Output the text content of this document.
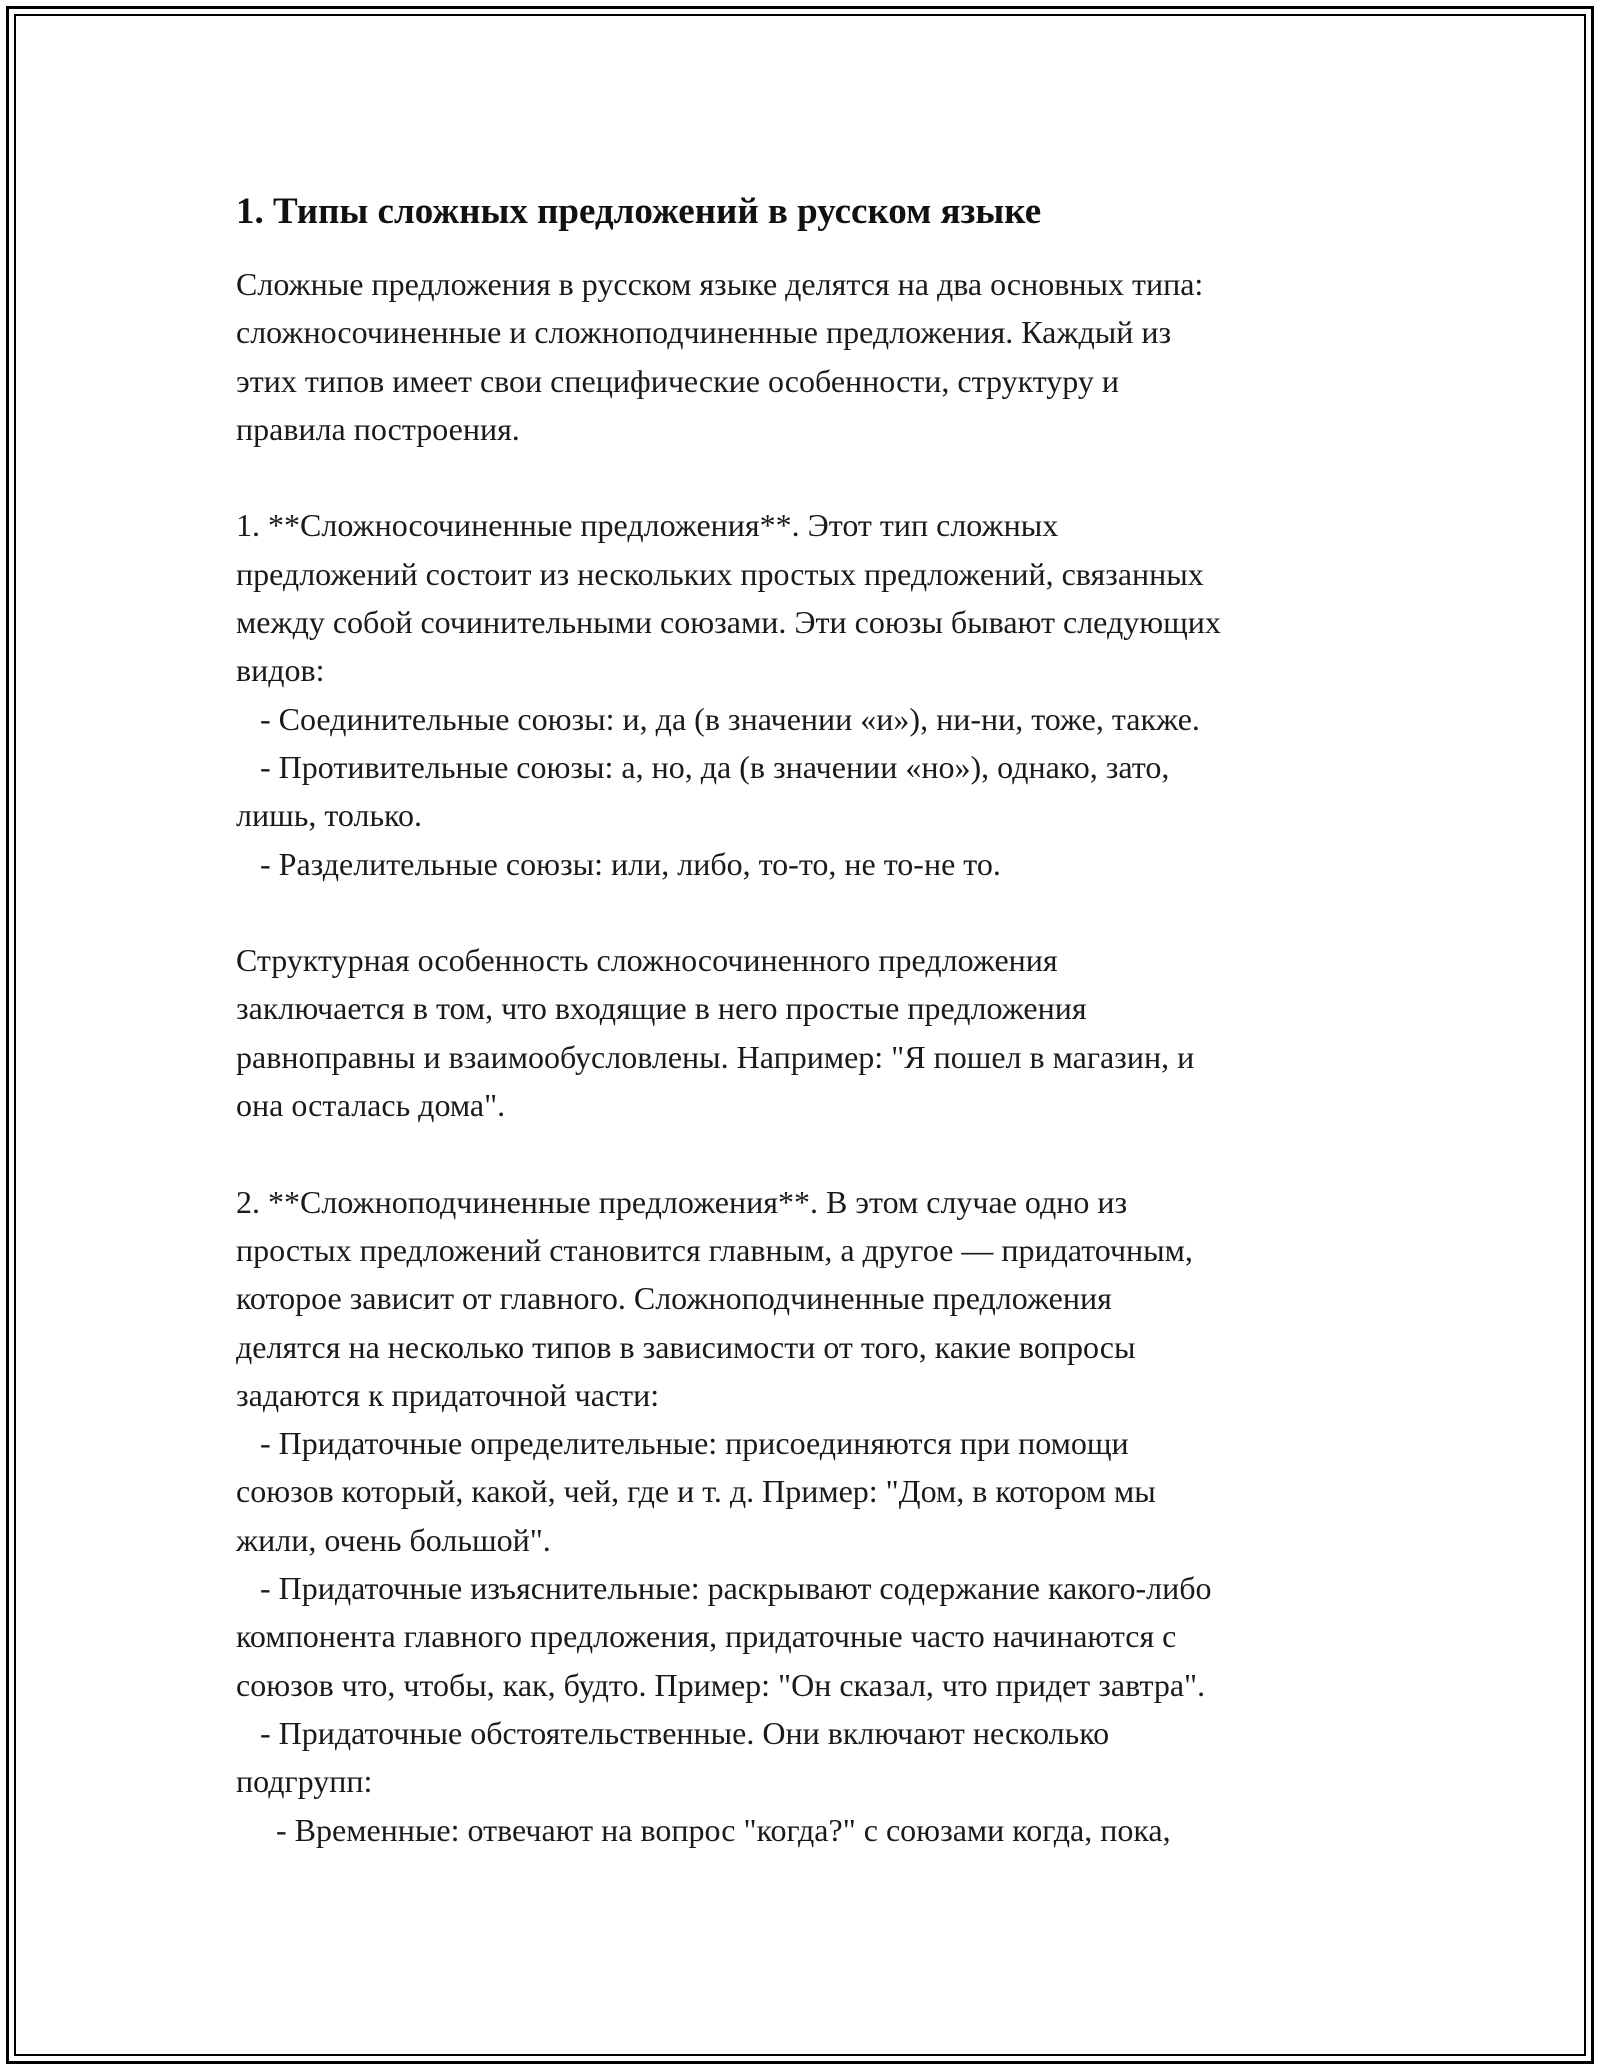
1. Типы сложных предложений в русском языке
Сложные предложения в русском языке делятся на два основных типа:
сложносочиненные и сложноподчиненные предложения. Каждый из
этих типов имеет свои специфические особенности, структуру и
правила построения.
1. **Сложносочиненные предложения**. Этот тип сложных
предложений состоит из нескольких простых предложений, связанных
между собой сочинительными союзами. Эти союзы бывают следующих
видов:
- Соединительные союзы: и, да (в значении «и»), ни-ни, тоже, также.
- Противительные союзы: а, но, да (в значении «но»), однако, зато,
лишь, только.
- Разделительные союзы: или, либо, то-то, не то-не то.
Структурная особенность сложносочиненного предложения
заключается в том, что входящие в него простые предложения
равноправны и взаимообусловлены. Например: "Я пошел в магазин, и
она осталась дома".
2. **Сложноподчиненные предложения**. В этом случае одно из
простых предложений становится главным, а другое — придаточным,
которое зависит от главного. Сложноподчиненные предложения
делятся на несколько типов в зависимости от того, какие вопросы
задаются к придаточной части:
- Придаточные определительные: присоединяются при помощи
союзов который, какой, чей, где и т. д. Пример: "Дом, в котором мы
жили, очень большой".
- Придаточные изъяснительные: раскрывают содержание какого-либо
компонента главного предложения, придаточные часто начинаются с
союзов что, чтобы, как, будто. Пример: "Он сказал, что придет завтра".
- Придаточные обстоятельственные. Они включают несколько
подгрупп:
- Временные: отвечают на вопрос "когда?" с союзами когда, пока,
